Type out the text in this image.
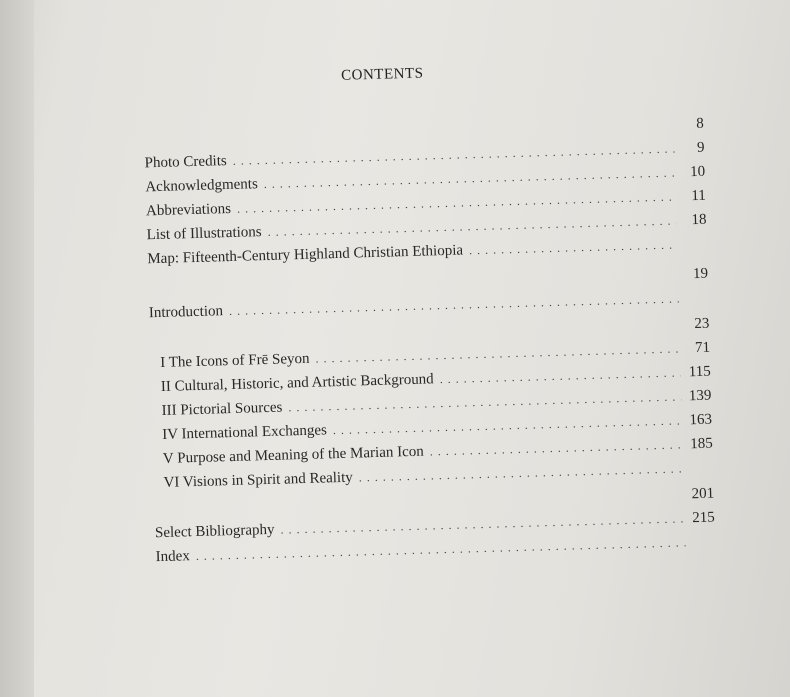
CONTENTS
8
Photo Credits
. . .
9
Acknowledgments
. . .
10
Abbreviations
. . .
11
List of Illustrations
. . .
18
Map: Fifteenth-Century Highland Christian Ethiopia
. . .
19
Introduction
. . .
23
I The Icons of Frē Seyon
. . .
71
II Cultural, Historic, and Artistic Background . . .	115
III Pictorial Sources
. . .
139
IV International Exchanges
. . .
163
V Purpose and Meaning of the Marian Icon . . .	185
VI Visions in Spirit and Reality
. . .
201
Select Bibliography
. . .
215
Index
. . .
